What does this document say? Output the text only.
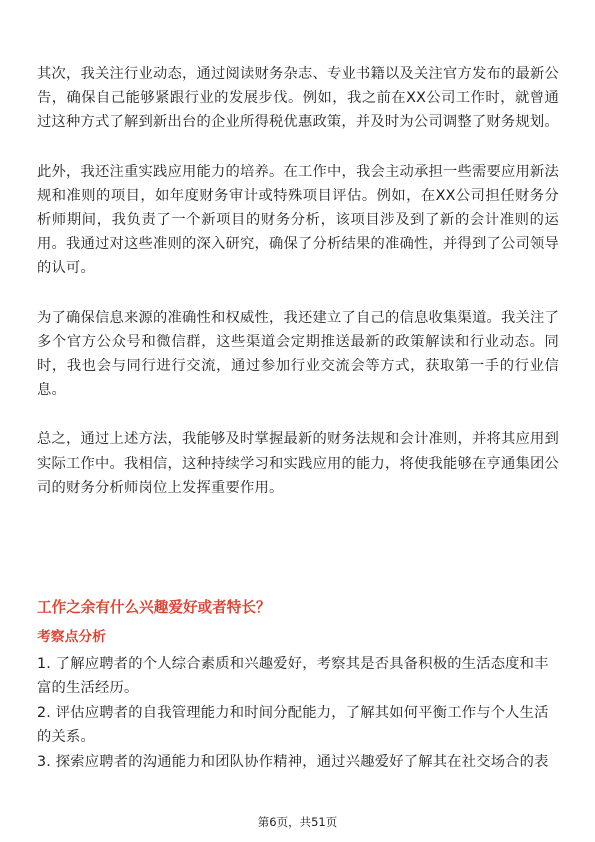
其次，我关注行业动态，通过阅读财务杂志、专业书籍以及关注官方发布的最新公告，确保自己能够紧跟行业的发展步伐。例如，我之前在XX公司工作时，就曾通过这种方式了解到新出台的企业所得税优惠政策，并及时为公司调整了财务规划。

此外，我还注重实践应用能力的培养。在工作中，我会主动承担一些需要应用新法规和准则的项目，如年度财务审计或特殊项目评估。例如，在XX公司担任财务分析师期间，我负责了一个新项目的财务分析，该项目涉及到了新的会计准则的运用。我通过对这些准则的深入研究，确保了分析结果的准确性，并得到了公司领导的认可。

为了确保信息来源的准确性和权威性，我还建立了自己的信息收集渠道。我关注了多个官方公众号和微信群，这些渠道会定期推送最新的政策解读和行业动态。同时，我也会与同行进行交流，通过参加行业交流会等方式，获取第一手的行业信息。

总之，通过上述方法，我能够及时掌握最新的财务法规和会计准则，并将其应用到实际工作中。我相信，这种持续学习和实践应用的能力，将使我能够在亨通集团公司的财务分析师岗位上发挥重要作用。

工作之余有什么兴趣爱好或者特长？
考察点分析
1. 了解应聘者的个人综合素质和兴趣爱好，考察其是否具备积极的生活态度和丰富的生活经历。
2. 评估应聘者的自我管理能力和时间分配能力，了解其如何平衡工作与个人生活的关系。
3. 探索应聘者的沟通能力和团队协作精神，通过兴趣爱好了解其在社交场合的表
第6页，共51页
